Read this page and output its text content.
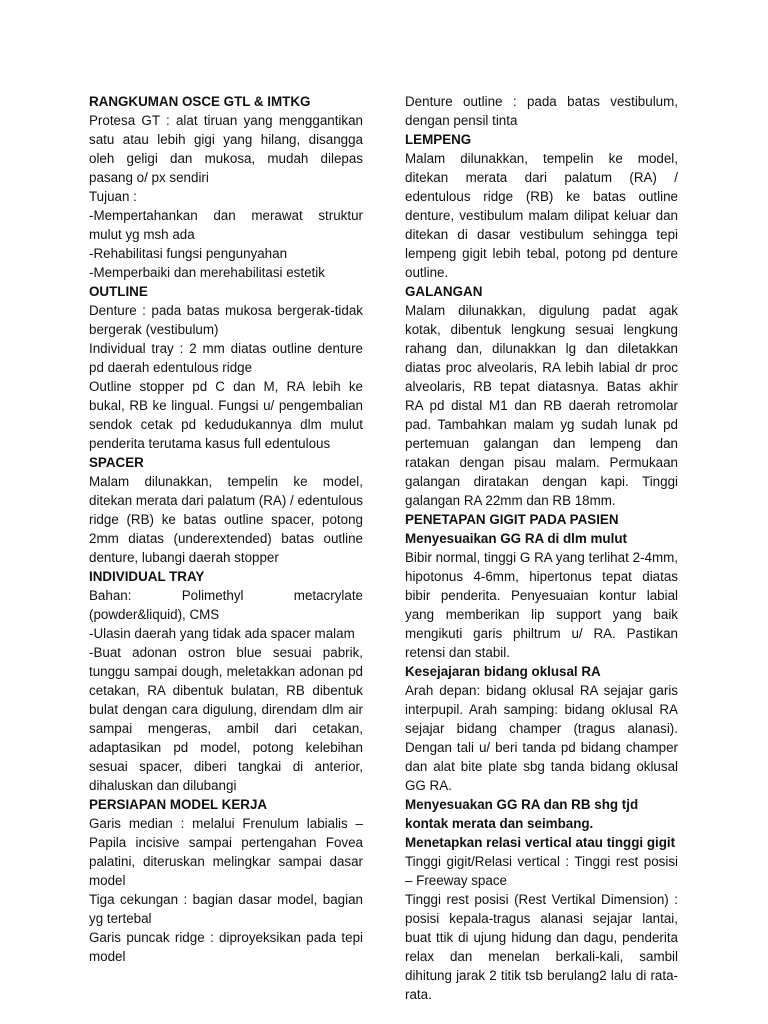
RANGKUMAN OSCE GTL & IMTKG

Protesa GT : alat tiruan yang menggantikan satu atau lebih gigi yang hilang, disangga oleh geligi dan mukosa, mudah dilepas pasang o/ px sendiri

Tujuan :

-Mempertahankan dan merawat struktur mulut yg msh ada

-Rehabilitasi fungsi pengunyahan

-Memperbaiki dan merehabilitasi estetik

OUTLINE

Denture : pada batas mukosa bergerak-tidak bergerak (vestibulum)

Individual tray : 2 mm diatas outline denture pd daerah edentulous ridge

Outline stopper pd C dan M, RA lebih ke bukal, RB ke lingual. Fungsi u/ pengembalian sendok cetak pd kedudukannya dlm mulut penderita terutama kasus full edentulous

SPACER

Malam dilunakkan, tempelin ke model, ditekan merata dari palatum (RA) / edentulous ridge (RB) ke batas outline spacer, potong 2mm diatas (underextended) batas outline denture, lubangi daerah stopper

INDIVIDUAL TRAY

Bahan: Polimethyl metacrylate (powder&liquid), CMS

-Ulasin daerah yang tidak ada spacer malam

-Buat adonan ostron blue sesuai pabrik, tunggu sampai dough, meletakkan adonan pd cetakan, RA dibentuk bulatan, RB dibentuk bulat dengan cara digulung, direndam dlm air sampai mengeras, ambil dari cetakan, adaptasikan pd model, potong kelebihan sesuai spacer, diberi tangkai di anterior, dihaluskan dan dilubangi

PERSIAPAN MODEL KERJA

Garis median : melalui Frenulum labialis – Papila incisive sampai pertengahan Fovea palatini, diteruskan melingkar sampai dasar model

Tiga cekungan : bagian dasar model, bagian yg tertebal

Garis puncak ridge : diproyeksikan pada tepi model

Denture outline : pada batas vestibulum, dengan pensil tinta

LEMPENG

Malam dilunakkan, tempelin ke model, ditekan merata dari palatum (RA) / edentulous ridge (RB) ke batas outline denture, vestibulum malam dilipat keluar dan ditekan di dasar vestibulum sehingga tepi lempeng gigit lebih tebal, potong pd denture outline.

GALANGAN

Malam dilunakkan, digulung padat agak kotak, dibentuk lengkung sesuai lengkung rahang dan, dilunakkan lg dan diletakkan diatas proc alveolaris, RA lebih labial dr proc alveolaris, RB tepat diatasnya. Batas akhir RA pd distal M1 dan RB daerah retromolar pad. Tambahkan malam yg sudah lunak pd pertemuan galangan dan lempeng dan ratakan dengan pisau malam. Permukaan galangan diratakan dengan kapi. Tinggi galangan RA 22mm dan RB 18mm.

PENETAPAN GIGIT PADA PASIEN

Menyesuaikan GG RA di dlm mulut

Bibir normal, tinggi G RA yang terlihat 2-4mm, hipotonus 4-6mm, hipertonus tepat diatas bibir penderita. Penyesuaian kontur labial yang memberikan lip support yang baik mengikuti garis philtrum u/ RA. Pastikan retensi dan stabil.

Kesejajaran bidang oklusal RA

Arah depan: bidang oklusal RA sejajar garis interpupil. Arah samping: bidang oklusal RA sejajar bidang champer (tragus alanasi). Dengan tali u/ beri tanda pd bidang champer dan alat bite plate sbg tanda bidang oklusal GG RA.

Menyesuakan GG RA dan RB shg tjd kontak merata dan seimbang.

Menetapkan relasi vertical atau tinggi gigit

Tinggi gigit/Relasi vertical : Tinggi rest posisi – Freeway space

Tinggi rest posisi (Rest Vertikal Dimension) : posisi kepala-tragus alanasi sejajar lantai, buat ttik di ujung hidung dan dagu, penderita relax dan menelan berkali-kali, sambil dihitung jarak 2 titik tsb berulang2 lalu di rata-rata.
